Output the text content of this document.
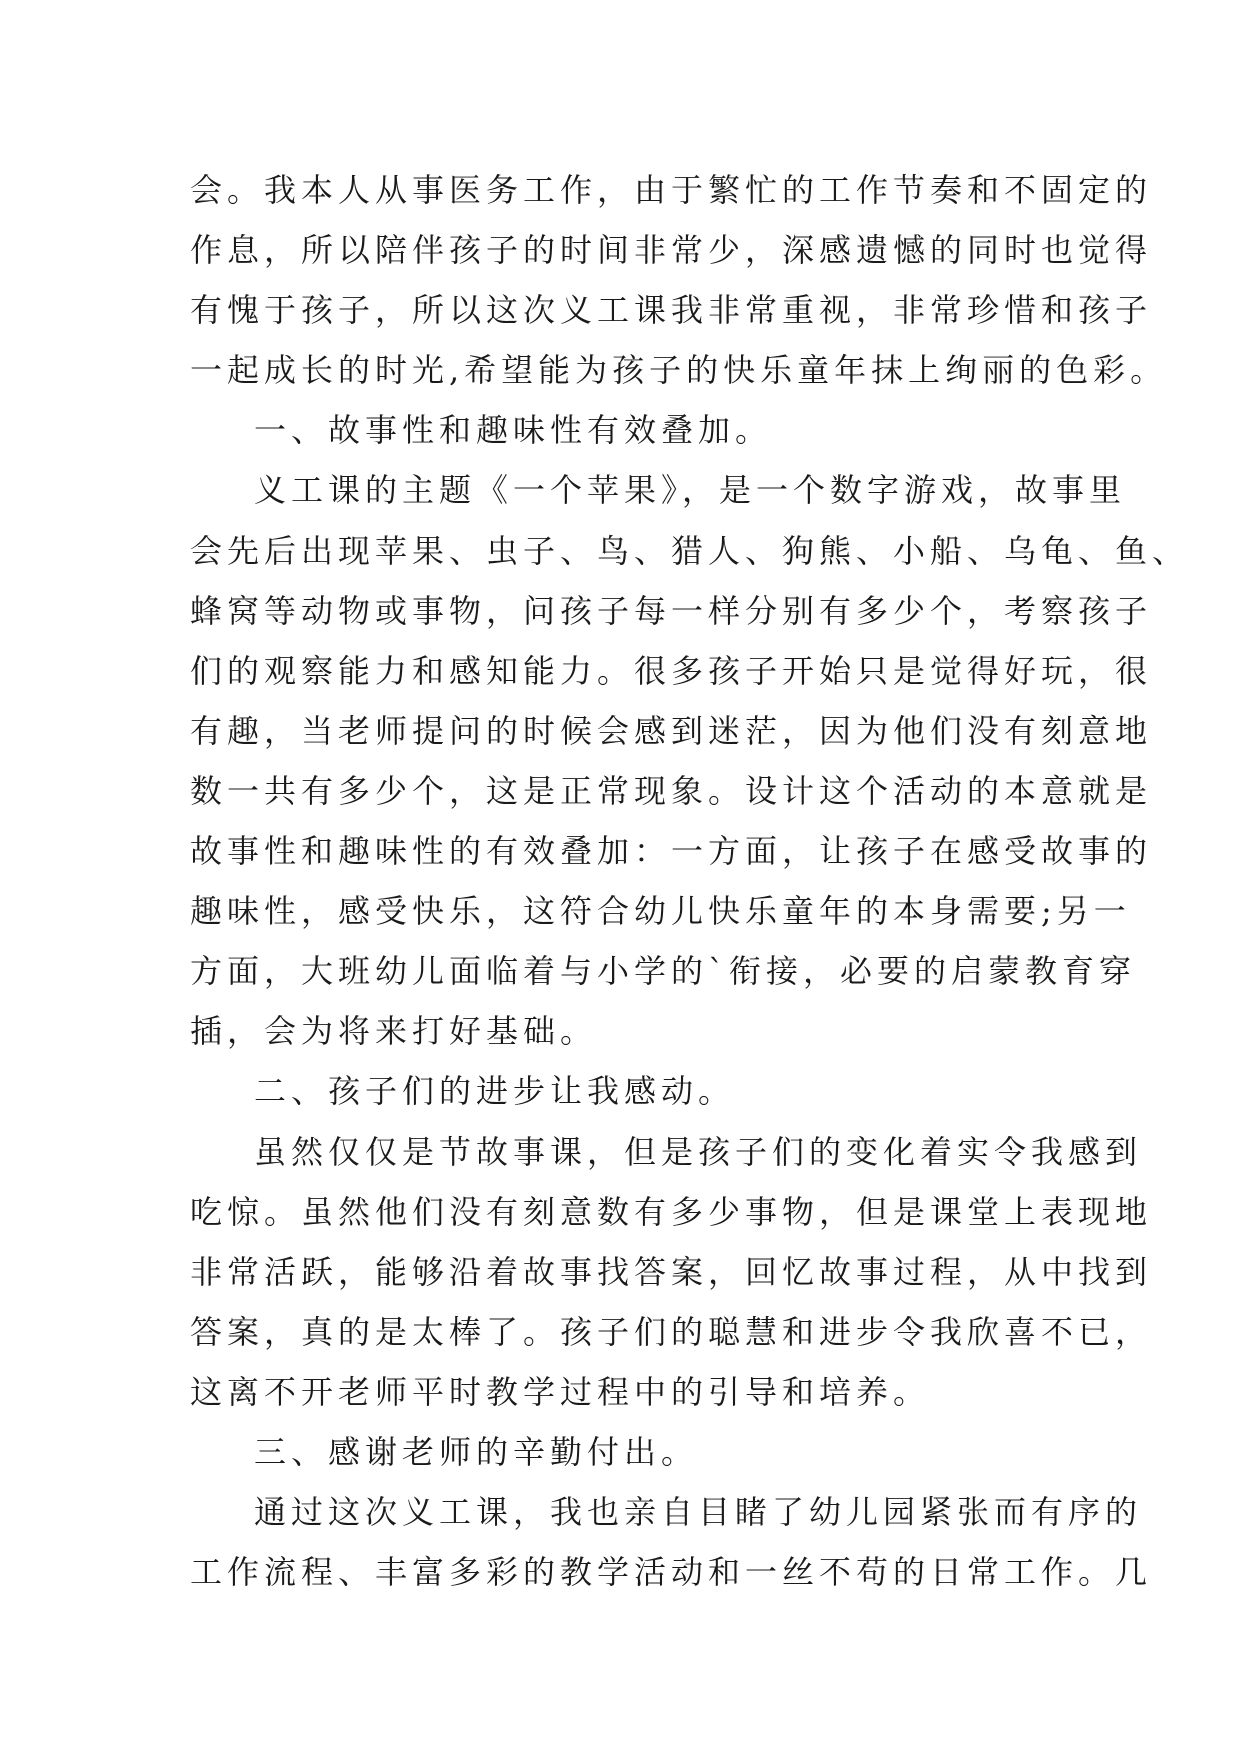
会。我本人从事医务工作，由于繁忙的工作节奏和不固定的

作息，所以陪伴孩子的时间非常少，深感遗憾的同时也觉得

有愧于孩子，所以这次义工课我非常重视，非常珍惜和孩子

一起成长的时光,希望能为孩子的快乐童年抹上绚丽的色彩。

一、故事性和趣味性有效叠加。

义工课的主题《一个苹果》，是一个数字游戏，故事里

会先后出现苹果、虫子、鸟、猎人、狗熊、小船、乌龟、鱼、

蜂窝等动物或事物，问孩子每一样分别有多少个，考察孩子

们的观察能力和感知能力。很多孩子开始只是觉得好玩，很

有趣，当老师提问的时候会感到迷茫，因为他们没有刻意地

数一共有多少个，这是正常现象。设计这个活动的本意就是

故事性和趣味性的有效叠加：一方面，让孩子在感受故事的

趣味性，感受快乐，这符合幼儿快乐童年的本身需要;另一

方面，大班幼儿面临着与小学的`衔接，必要的启蒙教育穿

插，会为将来打好基础。

二、孩子们的进步让我感动。

虽然仅仅是节故事课，但是孩子们的变化着实令我感到

吃惊。虽然他们没有刻意数有多少事物，但是课堂上表现地

非常活跃，能够沿着故事找答案，回忆故事过程，从中找到

答案，真的是太棒了。孩子们的聪慧和进步令我欣喜不已，

这离不开老师平时教学过程中的引导和培养。

三、感谢老师的辛勤付出。

通过这次义工课，我也亲自目睹了幼儿园紧张而有序的

工作流程、丰富多彩的教学活动和一丝不苟的日常工作。几
